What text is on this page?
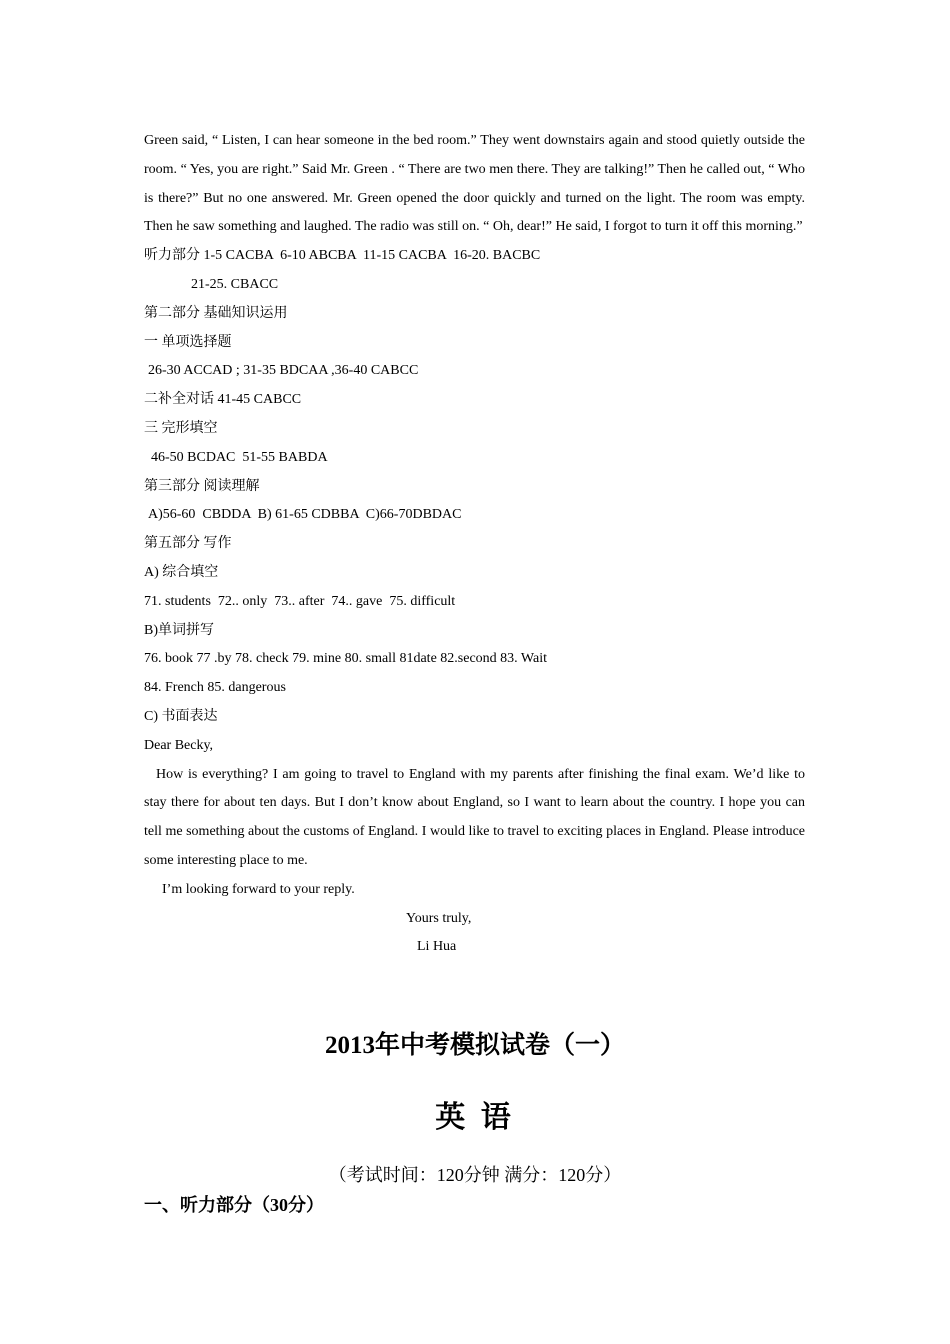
Green said, “ Listen, I can hear someone in the bed room.” They went downstairs again and stood quietly outside the room. “ Yes, you are right.” Said Mr. Green . “ There are two men there. They are talking!” Then he called out, “ Who is there?” But no one answered. Mr. Green opened the door quickly and turned on the light. The room was empty. Then he saw something and laughed. The radio was still on. “ Oh, dear!” He said, I forgot to turn it off this morning.”

听力部分 1-5 CACBA  6-10 ABCBA  11-15 CACBA  16-20. BACBC

21-25. CBACC

第二部分 基础知识运用

一 单项选择题

26-30 ACCAD ; 31-35 BDCAA ,36-40 CABCC

二补全对话 41-45 CABCC

三 完形填空

46-50 BCDAC  51-55 BABDA

第三部分 阅读理解

A)56-60  CBDDA  B) 61-65 CDBBA  C)66-70DBDAC

第五部分 写作

A) 综合填空

71. students  72.. only  73.. after  74.. gave  75. difficult

B)单词拼写

76. book 77 .by 78. check 79. mine 80. small 81date 82.second 83. Wait

84. French 85. dangerous

C) 书面表达

Dear Becky,

How is everything? I am going to travel to England with my parents after finishing the final exam. We’d like to stay there for about ten days. But I don’t know about England, so I want to learn about the country. I hope you can tell me something about the customs of England. I would like to travel to exciting places in England. Please introduce some interesting place to me.

I’m looking forward to your reply.

Yours truly,

Li Hua

2013年中考模拟试卷（一）
英 语

（考试时间：120分钟 满分：120分）

一、听力部分（30分）
